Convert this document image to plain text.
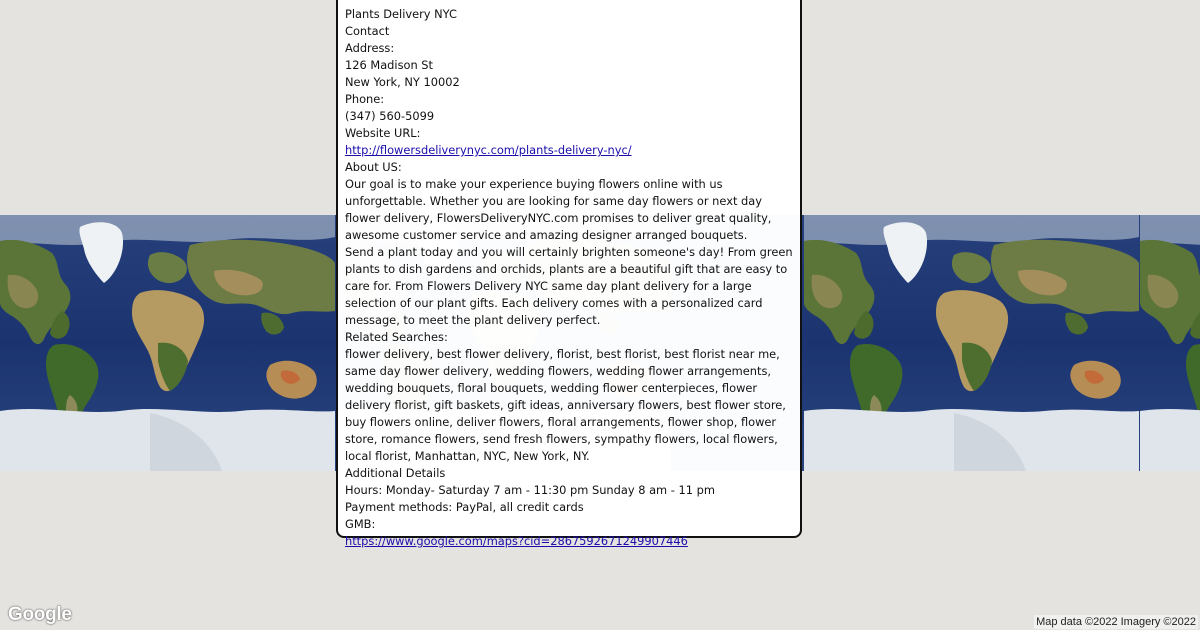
Plants Delivery NYC
Contact
Address:
126 Madison St
New York, NY 10002
Phone:
(347) 560-5099
Website URL:
http://flowersdeliverynyc.com/plants-delivery-nyc/
About US:
Our goal is to make your experience buying flowers online with us unforgettable. Whether you are looking for same day flowers or next day flower delivery, FlowersDeliveryNYC.com promises to deliver great quality, awesome customer service and amazing designer arranged bouquets.
Send a plant today and you will certainly brighten someone's day! From green plants to dish gardens and orchids, plants are a beautiful gift that are easy to care for. From Flowers Delivery NYC same day plant delivery for a large selection of our plant gifts. Each delivery comes with a personalized card message, to meet the plant delivery perfect.
Related Searches:
flower delivery, best flower delivery, florist, best florist, best florist near me, same day flower delivery, wedding flowers, wedding flower arrangements, wedding bouquets, floral bouquets, wedding flower centerpieces, flower delivery florist, gift baskets, gift ideas, anniversary flowers, best flower store, buy flowers online, deliver flowers, floral arrangements, flower shop, flower store, romance flowers, send fresh flowers, sympathy flowers, local flowers, local florist, Manhattan, NYC, New York, NY.
Additional Details
Hours: Monday- Saturday 7 am - 11:30 pm Sunday 8 am - 11 pm
Payment methods: PayPal, all credit cards
GMB:
https://www.google.com/maps?cid=2867592671249907446
Google	Map data ©2022 Imagery ©2022
